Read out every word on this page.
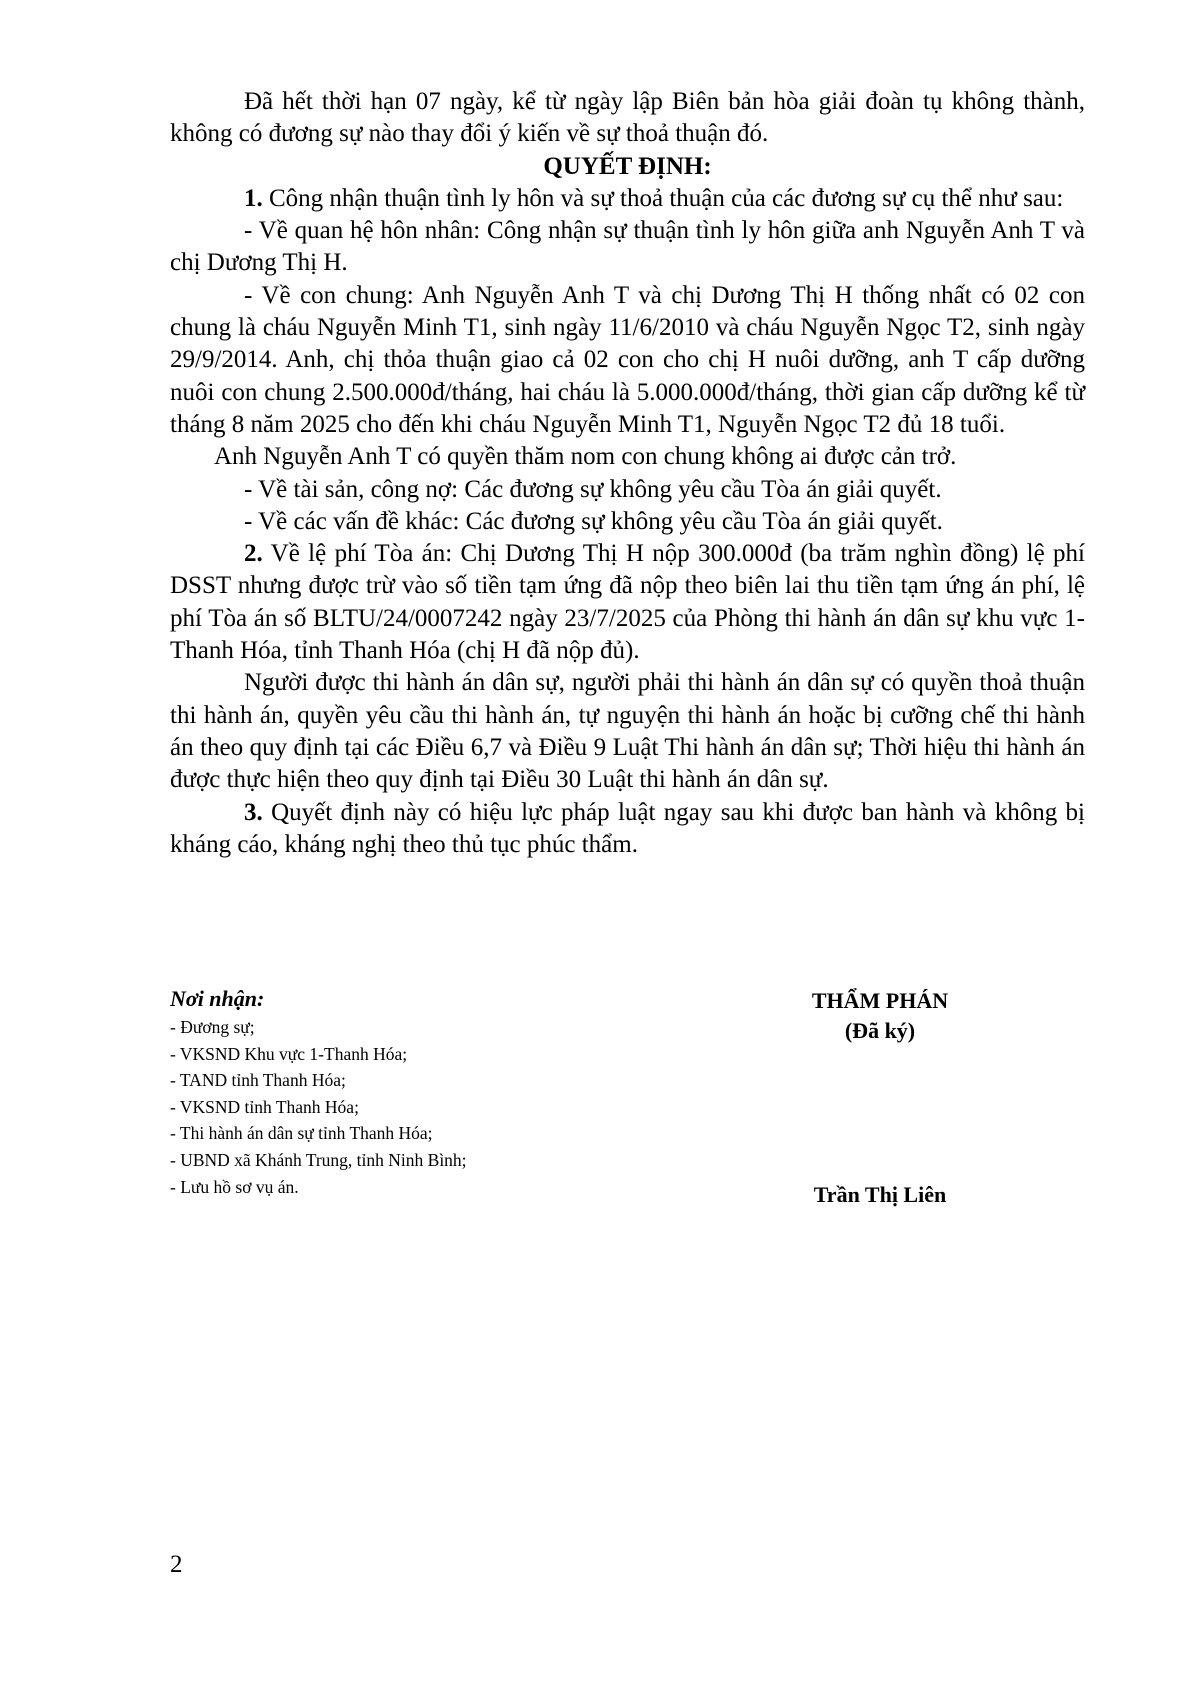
Đã hết thời hạn 07 ngày, kể từ ngày lập Biên bản hòa giải đoàn tụ không thành, không có đương sự nào thay đổi ý kiến về sự thoả thuận đó.

QUYẾT ĐỊNH:

1. Công nhận thuận tình ly hôn và sự thoả thuận của các đương sự cụ thể như sau:

- Về quan hệ hôn nhân: Công nhận sự thuận tình ly hôn giữa anh Nguyễn Anh T và chị Dương Thị H.

- Về con chung: Anh Nguyễn Anh T và chị Dương Thị H thống nhất có 02 con chung là cháu Nguyễn Minh T1, sinh ngày 11/6/2010 và cháu Nguyễn Ngọc T2, sinh ngày 29/9/2014. Anh, chị thỏa thuận giao cả 02 con cho chị H nuôi dưỡng, anh T cấp dưỡng nuôi con chung 2.500.000đ/tháng, hai cháu là 5.000.000đ/tháng, thời gian cấp dưỡng kể từ tháng 8 năm 2025 cho đến khi cháu Nguyễn Minh T1, Nguyễn Ngọc T2 đủ 18 tuổi.

Anh Nguyễn Anh T có quyền thăm nom con chung không ai được cản trở.

- Về tài sản, công nợ: Các đương sự không yêu cầu Tòa án giải quyết.

- Về các vấn đề khác: Các đương sự không yêu cầu Tòa án giải quyết.

2. Về lệ phí Tòa án: Chị Dương Thị H nộp 300.000đ (ba trăm nghìn đồng) lệ phí DSST nhưng được trừ vào số tiền tạm ứng đã nộp theo biên lai thu tiền tạm ứng án phí, lệ phí Tòa án số BLTU/24/0007242 ngày 23/7/2025 của Phòng thi hành án dân sự khu vực 1- Thanh Hóa, tỉnh Thanh Hóa (chị H đã nộp đủ).

Người được thi hành án dân sự, người phải thi hành án dân sự có quyền thoả thuận thi hành án, quyền yêu cầu thi hành án, tự nguyện thi hành án hoặc bị cưỡng chế thi hành án theo quy định tại các Điều 6,7 và Điều 9 Luật Thi hành án dân sự; Thời hiệu thi hành án được thực hiện theo quy định tại Điều 30 Luật thi hành án dân sự.

3. Quyết định này có hiệu lực pháp luật ngay sau khi được ban hành và không bị kháng cáo, kháng nghị theo thủ tục phúc thẩm.

Nơi nhận:
- Đương sự;
- VKSND Khu vực 1-Thanh Hóa;
- TAND tỉnh Thanh Hóa;
- VKSND tỉnh Thanh Hóa;
- Thi hành án dân sự tỉnh Thanh Hóa;
- UBND xã Khánh Trung, tỉnh Ninh Bình;
- Lưu hồ sơ vụ án.
THẨM PHÁN
(Đã ký)
Trần Thị Liên
2
